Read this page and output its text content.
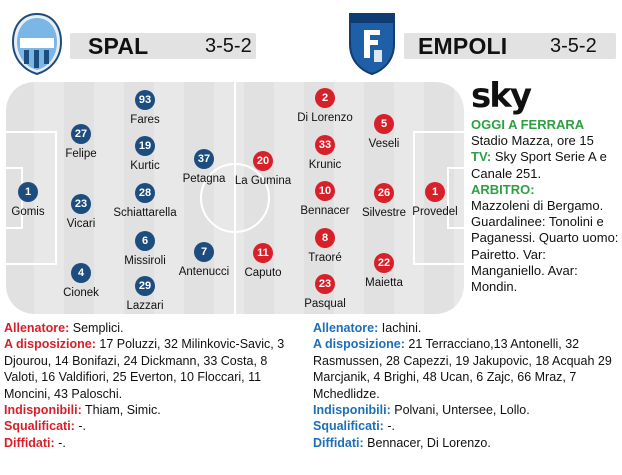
SPAL	3-5-2	EMPOLI 3-5-2
1
Gomis
27
Felipe
23
Vicari
4
Cionek
93
Fares
19
Kurtic
28
Schiattarella
6
Missiroli
29
Lazzari
37
Petagna
7
Antenucci
20
La Gumina
11
Caputo
2
Di Lorenzo
33
Krunic
10
Bennacer
8
Traoré
23
Pasqual
5
Veseli
26
Silvestre
22
Maietta
1
Provedel
sky
OGGI A FERRARA
Stadio Mazza, ore 15
TV: Sky Sport Serie A e Canale 251.
ARBITRO:
Mazzoleni di Bergamo. Guardalinee: Tonolini e Paganessi. Quarto uomo: Pairetto. Var: Manganiello. Avar: Mondin.
Allenatore: Semplici.
A disposizione: 17 Poluzzi, 32 Milinkovic-Savic, 3 Djourou, 14 Bonifazi, 24 Dickmann, 33 Costa, 8 Valoti, 16 Valdifiori, 25 Everton, 10 Floccari, 11 Moncini, 43 Paloschi.
Indisponibili: Thiam, Simic.
Squalificati: -.
Diffidati: -.
Allenatore: Iachini.
A disposizione: 21 Terracciano,13 Antonelli, 32 Rasmussen, 28 Capezzi, 19 Jakupovic, 18 Acquah 29 Marcjanik, 4 Brighi, 48 Ucan, 6 Zajc, 66 Mraz, 7 Mchedlidze.
Indisponibili: Polvani, Untersee, Lollo.
Squalificati: -.
Diffidati: Bennacer, Di Lorenzo.
